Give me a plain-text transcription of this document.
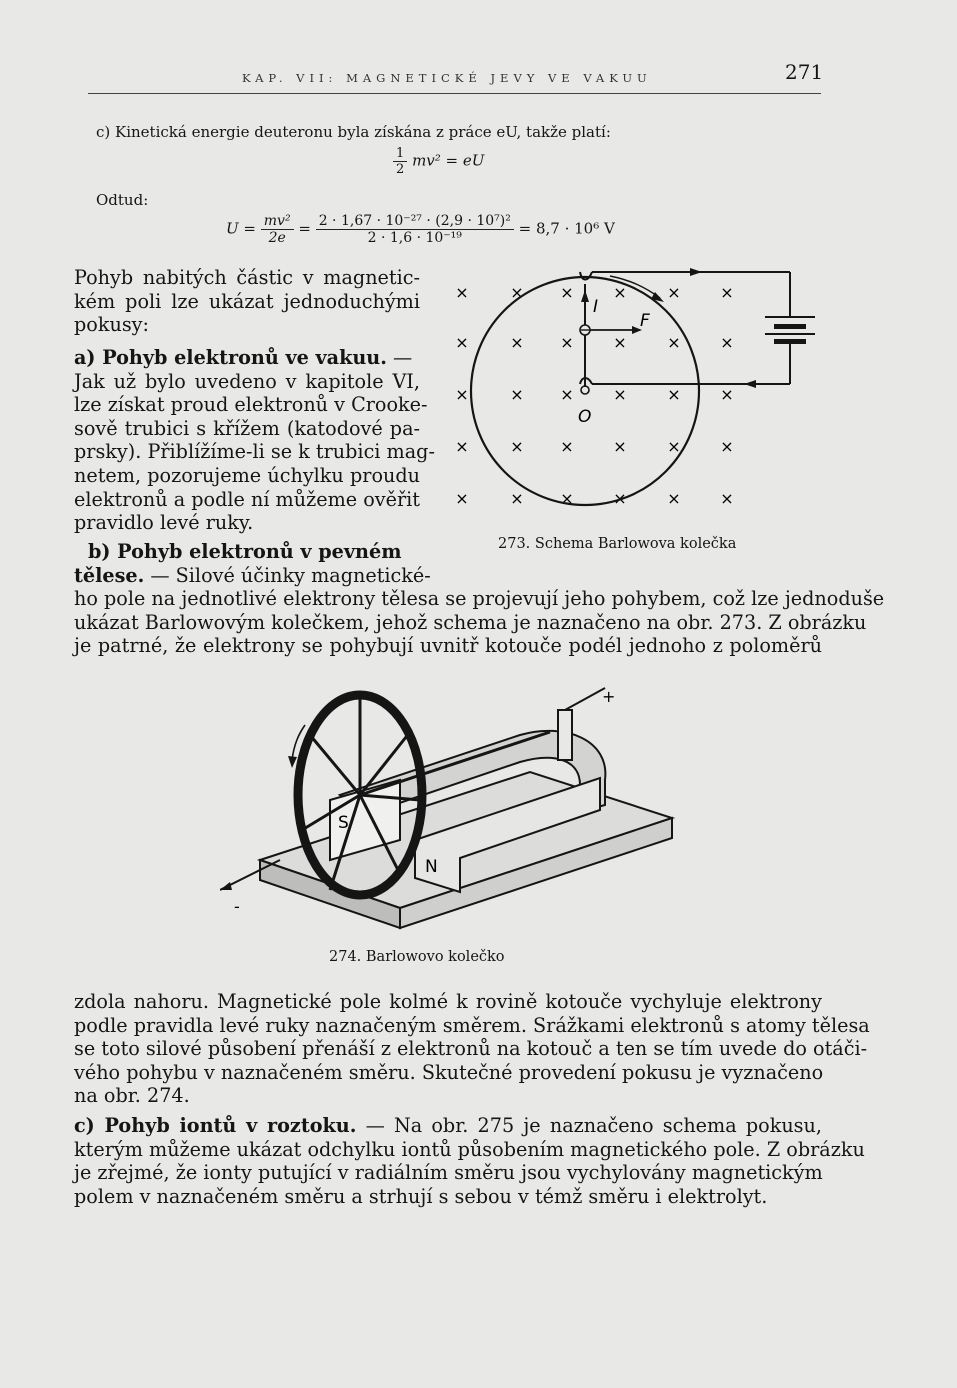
KAP. VII: MAGNETICKÉ JEVY VE VAKUU	271
c) Kinetická energie deuteronu byla získána z práce eU, takže platí:
$\frac{1}{2} mv^2$ = eU
Odtud:
$U = \frac{\text{mv²}}{2e} = \frac{\text{2 · 1,67 · 10⁻²⁷ · (2,9 · 10⁷)²}}{\text{2 · 1,6 · 10⁻¹⁹}} = 8,7 \cdot 10^6$ V
Pohyb nabitých částic v magnetic-
kém poli lze ukázat jednoduchými
pokusy:
a) Pohyb elektronů ve vakuu. —
Jak už bylo uvedeno v kapitole VI,
lze získat proud elektronů v Crooke-
sově trubici s křížem (katodové pa-
prsky). Přiblížíme-li se k trubici mag-
netem, pozorujeme úchylku proudu
elektronů a podle ní můžeme ověřit
pravidlo levé ruky.
b) Pohyb elektronů v pevném
tělese. — Silové účinky magnetické-
ho pole na jednotlivé elektrony tělesa se projevují jeho pohybem, což lze jednoduše
ukázat Barlowovým kolečkem, jehož schema je naznačeno na obr. 273. Z obrázku
je patrné, že elektrony se pohybují uvnitř kotouče podél jednoho z poloměrů
×	× × ×	× ×
×	× × ×	× ×
×	× × ×	× ×
×	× × ×	× ×
×	× × ×	× ×
I
F
O
273. Schema Barlowova kolečka
S
N
+
-
274. Barlowovo kolečko
zdola nahoru. Magnetické pole kolmé k rovině kotouče vychyluje elektrony
podle pravidla levé ruky naznačeným směrem. Srážkami elektronů s atomy tělesa
se toto silové působení přenáší z elektronů na kotouč a ten se tím uvede do otáči-
vého pohybu v naznačeném směru. Skutečné provedení pokusu je vyznačeno
na obr. 274.
c) Pohyb iontů v roztoku. — Na obr. 275 je naznačeno schema pokusu,
kterým můžeme ukázat odchylku iontů působením magnetického pole. Z obrázku
je zřejmé, že ionty putující v radiálním směru jsou vychylovány magnetickým
polem v naznačeném směru a strhují s sebou v témž směru i elektrolyt.
